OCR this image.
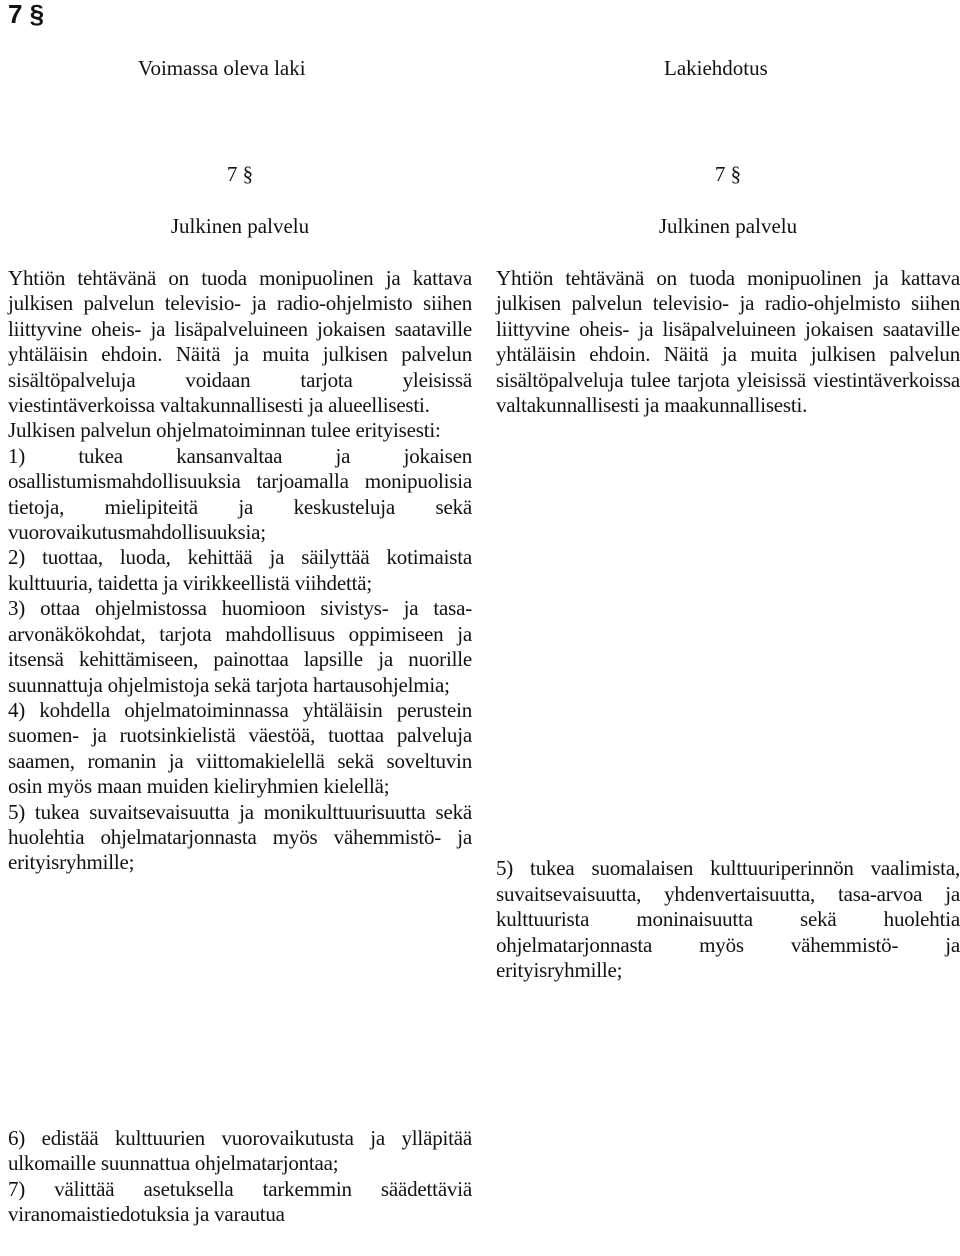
7 §
Voimassa oleva laki	Lakiehdotus
7 §
Julkinen palvelu

Yhtiön tehtävänä on tuoda monipuolinen ja kattava julkisen palvelun televisio- ja radio-ohjelmisto siihen liittyvine oheis- ja lisäpalveluineen jokaisen saataville yhtäläisin ehdoin. Näitä ja muita julkisen palvelun sisältöpalveluja voidaan tarjota yleisissä viestintäverkoissa valtakunnallisesti ja alueellisesti.

Julkisen palvelun ohjelmatoiminnan tulee erityisesti:

1) tukea kansanvaltaa ja jokaisen osallistumismahdollisuuksia tarjoamalla monipuolisia tietoja, mielipiteitä ja keskusteluja sekä vuorovaikutusmahdollisuuksia;

2) tuottaa, luoda, kehittää ja säilyttää kotimaista kulttuuria, taidetta ja virikkeellistä viihdettä;

3) ottaa ohjelmistossa huomioon sivistys- ja tasa-arvonäkökohdat, tarjota mahdollisuus oppimiseen ja itsensä kehittämiseen, painottaa lapsille ja nuorille suunnattuja ohjelmistoja sekä tarjota hartausohjelmia;

4) kohdella ohjelmatoiminnassa yhtäläisin perustein suomen- ja ruotsinkielistä väestöä, tuottaa palveluja saamen, romanin ja viittomakielellä sekä soveltuvin osin myös maan muiden kieliryhmien kielellä;

5) tukea suvaitsevaisuutta ja monikulttuurisuutta sekä huolehtia ohjelmatarjonnasta myös vähemmistö- ja erityisryhmille;

7 §
Julkinen palvelu

Yhtiön tehtävänä on tuoda monipuolinen ja kattava julkisen palvelun televisio- ja radio-ohjelmisto siihen liittyvine oheis- ja lisäpalveluineen jokaisen saataville yhtäläisin ehdoin. Näitä ja muita julkisen palvelun sisältöpalveluja tulee tarjota yleisissä viestintäverkoissa valtakunnallisesti ja maakunnallisesti.

5) tukea suomalaisen kulttuuriperinnön vaalimista, suvaitsevaisuutta, yhdenvertaisuutta, tasa-arvoa ja kulttuurista moninaisuutta sekä huolehtia ohjelmatarjonnasta myös vähemmistö- ja erityisryhmille;

6) edistää kulttuurien vuorovaikutusta ja ylläpitää ulkomaille suunnattua ohjelmatarjontaa;

7) välittää asetuksella tarkemmin säädettäviä viranomaistiedotuksia ja varautua
